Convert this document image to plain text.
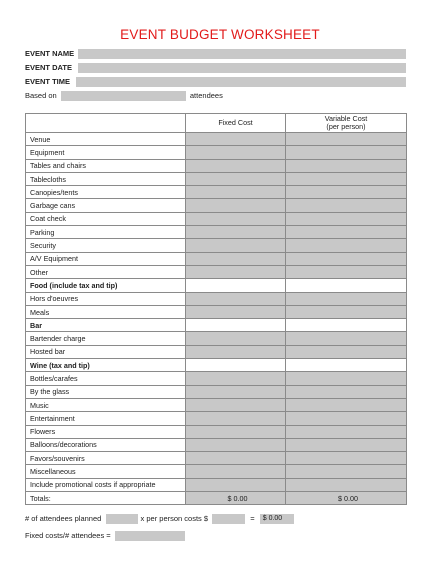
EVENT BUDGET WORKSHEET
EVENT NAME
EVENT DATE
EVENT TIME
Based on	attendees
	Fixed Cost	Variable Cost
(per person)

Venue		
Equipment		
Tables and chairs		
Tablecloths		
Canopies/tents		
Garbage cans		
Coat check		
Parking		
Security		
A/V Equipment		
Other		
Food (include tax and tip)		
Hors d'oeuvres		
Meals		
Bar		
Bartender charge		
Hosted bar		
Wine (tax and tip)		
Bottles/carafes		
By the glass		
Music		
Entertainment		
Flowers		
Balloons/decorations		
Favors/souvenirs		
Miscellaneous		
Include promotional costs if appropriate		
Totals:	$ 0.00	$ 0.00
# of attendees planned	x per person costs $	= $ 0.00
Fixed costs/# attendees =
